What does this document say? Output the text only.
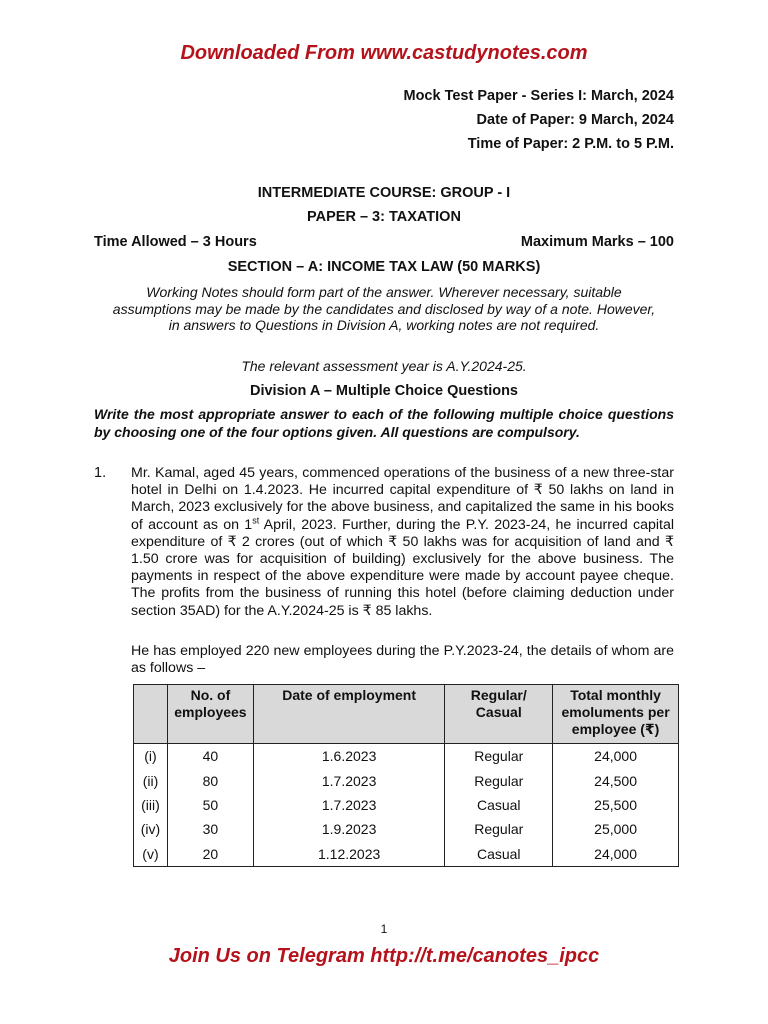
Downloaded From www.castudynotes.com
Mock Test Paper - Series I: March, 2024
Date of Paper: 9 March, 2024
Time of Paper: 2 P.M. to 5 P.M.
INTERMEDIATE COURSE: GROUP - I
PAPER – 3: TAXATION
Time Allowed – 3 Hours	Maximum Marks – 100
SECTION – A: INCOME TAX LAW (50 MARKS)
Working Notes should form part of the answer. Wherever necessary, suitable assumptions may be made by the candidates and disclosed by way of a note. However, in answers to Questions in Division A, working notes are not required.
The relevant assessment year is A.Y.2024-25.
Division A – Multiple Choice Questions
Write the most appropriate answer to each of the following multiple choice questions by choosing one of the four options given. All questions are compulsory.
1. Mr. Kamal, aged 45 years, commenced operations of the business of a new three-star hotel in Delhi on 1.4.2023. He incurred capital expenditure of ₹ 50 lakhs on land in March, 2023 exclusively for the above business, and capitalized the same in his books of account as on 1st April, 2023. Further, during the P.Y. 2023-24, he incurred capital expenditure of ₹ 2 crores (out of which ₹ 50 lakhs was for acquisition of land and ₹ 1.50 crore was for acquisition of building) exclusively for the above business. The payments in respect of the above expenditure were made by account payee cheque. The profits from the business of running this hotel (before claiming deduction under section 35AD) for the A.Y.2024-25 is ₹ 85 lakhs.
He has employed 220 new employees during the P.Y.2023-24, the details of whom are as follows –
	No. of employees	Date of employment	Regular/ Casual	Total monthly emoluments per employee (₹)
(i)	40	1.6.2023	Regular	24,000
(ii)	80	1.7.2023	Regular	24,500
(iii)	50	1.7.2023	Casual	25,500
(iv)	30	1.9.2023	Regular	25,000
(v)	20	1.12.2023	Casual	24,000
1
Join Us on Telegram http://t.me/canotes_ipcc
